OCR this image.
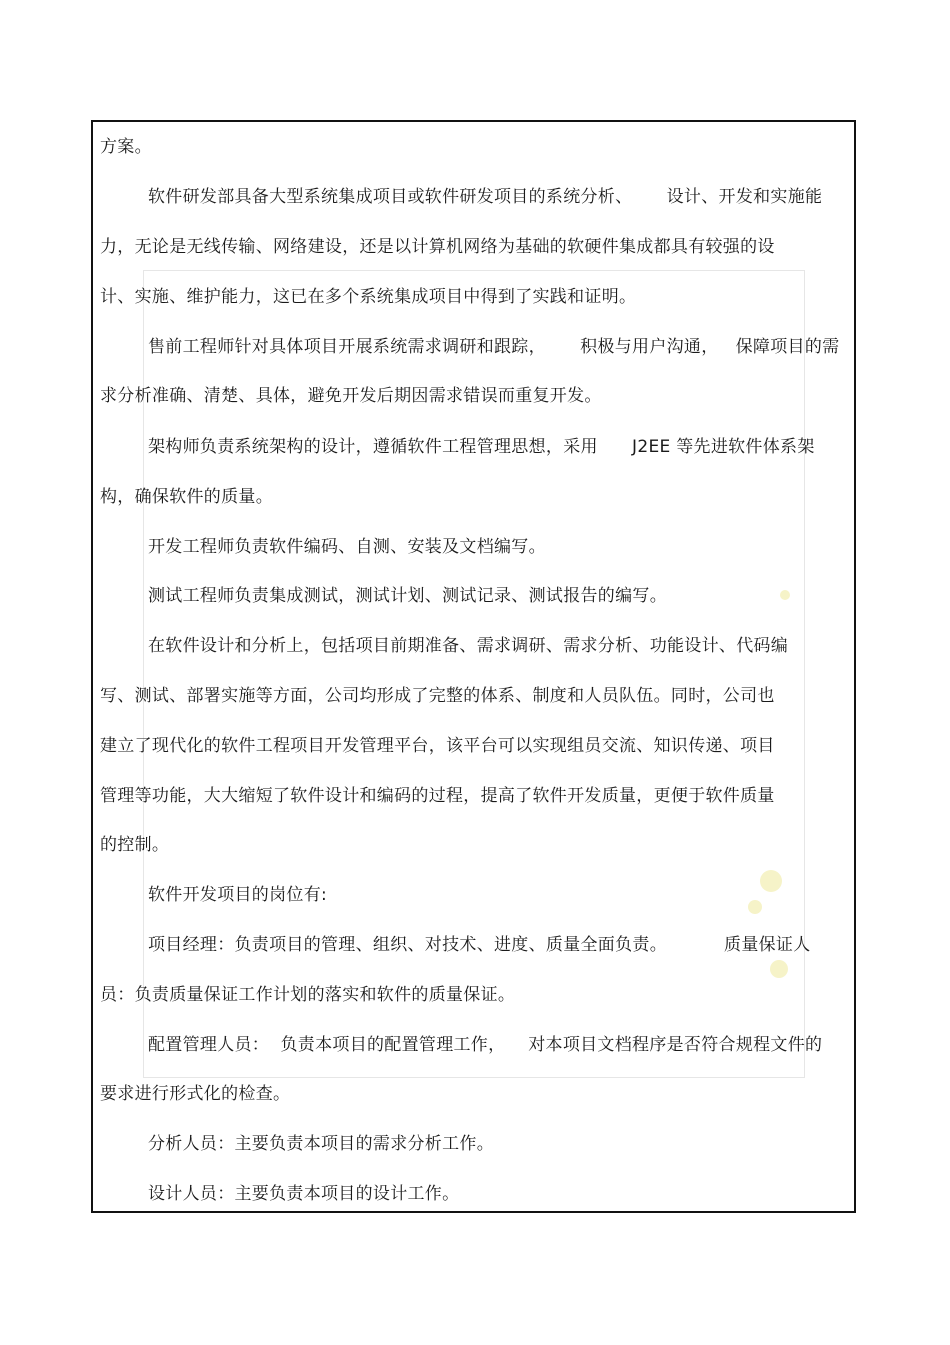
方案。
软件研发部具备大型系统集成项目或软件研发项目的系统分析、      设计、开发和实施能
力，无论是无线传输、网络建设，还是以计算机网络为基础的软硬件集成都具有较强的设
计、实施、维护能力，这已在多个系统集成项目中得到了实践和证明。
售前工程师针对具体项目开展系统需求调研和跟踪，      积极与用户沟通，   保障项目的需
求分析准确、清楚、具体，避免开发后期因需求错误而重复开发。
架构师负责系统架构的设计，遵循软件工程管理思想，采用      J2EE 等先进软件体系架
构，确保软件的质量。
开发工程师负责软件编码、自测、安装及文档编写。
测试工程师负责集成测试，测试计划、测试记录、测试报告的编写。
在软件设计和分析上，包括项目前期准备、需求调研、需求分析、功能设计、代码编
写、测试、部署实施等方面，公司均形成了完整的体系、制度和人员队伍。同时，公司也
建立了现代化的软件工程项目开发管理平台，该平台可以实现组员交流、知识传递、项目
管理等功能，大大缩短了软件设计和编码的过程，提高了软件开发质量，更便于软件质量
的控制。
软件开发项目的岗位有:
项目经理：负责项目的管理、组织、对技术、进度、质量全面负责。          质量保证人
员：负责质量保证工作计划的落实和软件的质量保证。
配置管理人员：  负责本项目的配置管理工作，    对本项目文档程序是否符合规程文件的
要求进行形式化的检查。
分析人员：主要负责本项目的需求分析工作。
设计人员：主要负责本项目的设计工作。
